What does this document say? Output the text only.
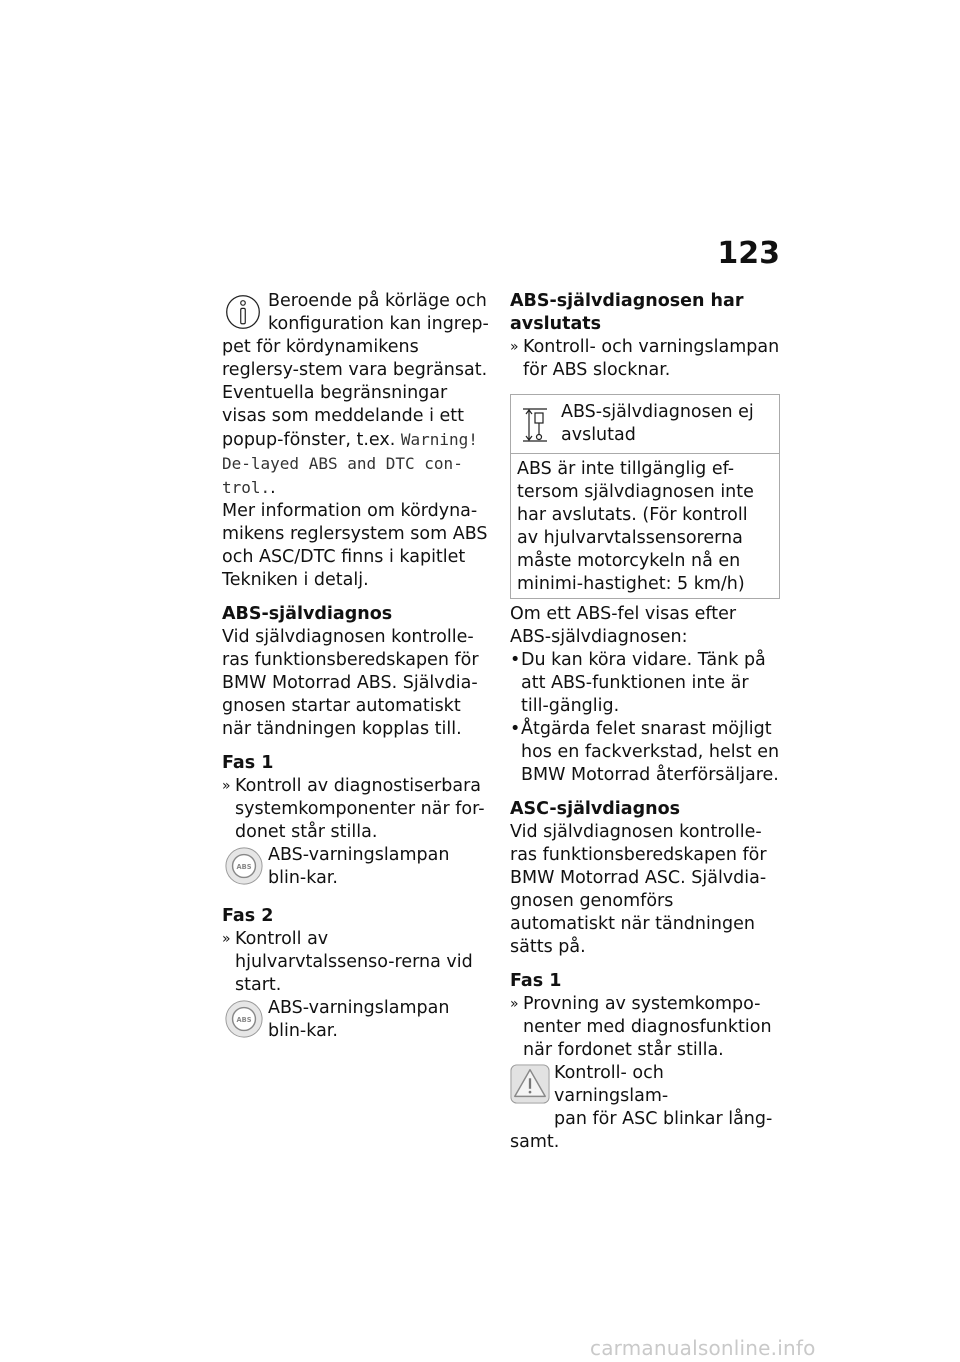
123

Beroende på körläge och

konfiguration kan ingrep-

pet för kördynamikens reglersy-stem vara begränsat.

Eventuella begränsningar visas som meddelande i ett popup-fönster, t.ex. Warning! De-layed ABS and DTC con-trol..

Mer information om kördyna-mikens reglersystem som ABS och ASC/DTC finns i kapitlet Tekniken i detalj.

ABS-självdiagnos

Vid självdiagnosen kontrolle-ras funktionsberedskapen för BMW Motorrad ABS. Självdia-gnosen startar automatiskt när tändningen kopplas till.

Fas 1

» Kontroll av diagnostiserbara systemkomponenter när for-donet står stilla.
ABS

ABS-varningslampan blin-kar.

Fas 2

» Kontroll av hjulvarvtalssenso-rerna vid start.
ABS

ABS-varningslampan blin-kar.

ABS-självdiagnosen har avslutats

» Kontroll- och varningslampan för ABS slocknar.

ABS-självdiagnosen ej avslutad

ABS är inte tillgänglig ef-tersom självdiagnosen inte har avslutats. (För kontroll av hjulvarvtalssensorerna måste motorcykeln nå en minimi-hastighet: 5 km/h)

Om ett ABS-fel visas efter ABS-självdiagnosen:

• Du kan köra vidare. Tänk på att ABS-funktionen inte är till-gänglig.
• Åtgärda felet snarast möjligt hos en fackverkstad, helst en BMW Motorrad återförsäljare.

ASC-självdiagnos

Vid självdiagnosen kontrolle-ras funktionsberedskapen för BMW Motorrad ASC. Självdia-gnosen genomförs automatiskt när tändningen sätts på.

Fas 1

» Provning av systemkompo-nenter med diagnosfunktion när fordonet står stilla.

Kontroll- och varningslam-

pan för ASC blinkar lång-

samt.

carmanualsonline.info
